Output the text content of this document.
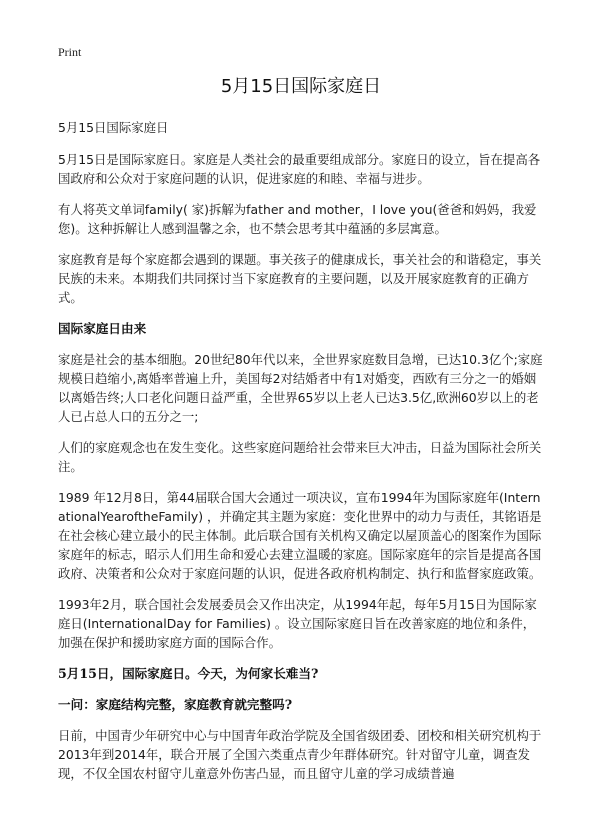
Print
5月15日国际家庭日

5月15日国际家庭日

5月15日是国际家庭日。家庭是人类社会的最重要组成部分。家庭日的设立，旨在提高各国政府和公众对于家庭问题的认识，促进家庭的和睦、幸福与进步。

有人将英文单词family( 家)拆解为father and mother，I love you(爸爸和妈妈，我爱您)。这种拆解让人感到温馨之余，也不禁会思考其中蕴涵的多层寓意。

家庭教育是每个家庭都会遇到的课题。事关孩子的健康成长，事关社会的和谐稳定，事关民族的未来。本期我们共同探讨当下家庭教育的主要问题，以及开展家庭教育的正确方式。

国际家庭日由来

家庭是社会的基本细胞。20世纪80年代以来，全世界家庭数目急增，已达10.3亿个;家庭规模日趋缩小,离婚率普遍上升，美国每2对结婚者中有1对婚变，西欧有三分之一的婚姻以离婚告终;人口老化问题日益严重，全世界65岁以上老人已达3.5亿,欧洲60岁以上的老人已占总人口的五分之一;

人们的家庭观念也在发生变化。这些家庭问题给社会带来巨大冲击，日益为国际社会所关注。

1989 年12月8日，第44届联合国大会通过一项决议，宣布1994年为国际家庭年(InternationalYearoftheFamily) ，并确定其主题为家庭：变化世界中的动力与责任，其铭语是在社会核心建立最小的民主体制。此后联合国有关机构又确定以屋顶盖心的图案作为国际家庭年的标志，昭示人们用生命和爱心去建立温暖的家庭。国际家庭年的宗旨是提高各国政府、决策者和公众对于家庭问题的认识，促进各政府机构制定、执行和监督家庭政策。

1993年2月，联合国社会发展委员会又作出决定，从1994年起，每年5月15日为国际家庭日(InternationalDay for Families) 。设立国际家庭日旨在改善家庭的地位和条件，加强在保护和援助家庭方面的国际合作。

5月15日，国际家庭日。今天，为何家长难当?
一问：家庭结构完整，家庭教育就完整吗?

日前，中国青少年研究中心与中国青年政治学院及全国省级团委、团校和相关研究机构于2013年到2014年，联合开展了全国六类重点青少年群体研究。针对留守儿童，调查发现，不仅全国农村留守儿童意外伤害凸显，而且留守儿童的学习成绩普遍
